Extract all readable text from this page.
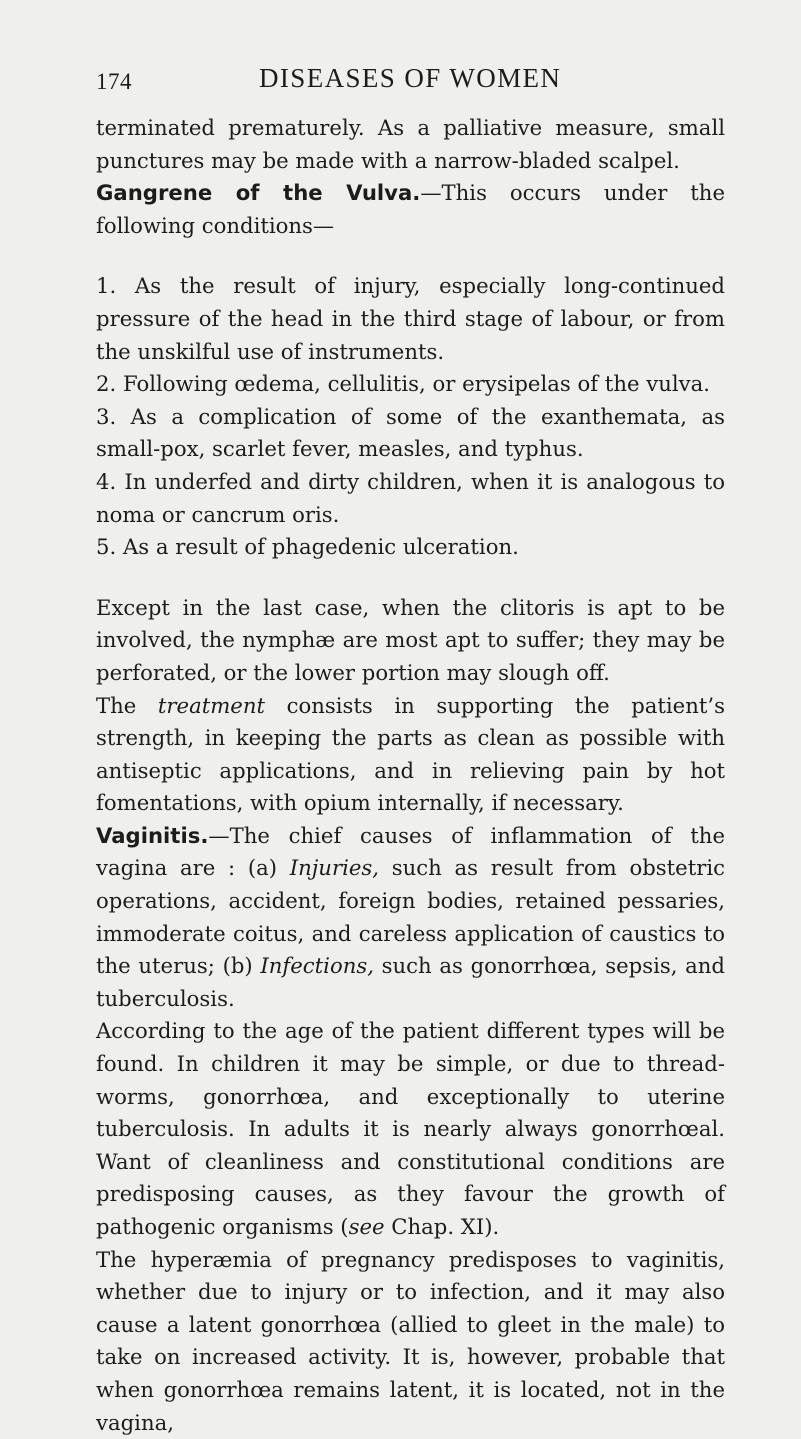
174	DISEASES OF WOMEN

terminated prematurely. As a palliative measure, small punctures may be made with a narrow-bladed scalpel.

Gangrene of the Vulva.—This occurs under the following conditions—

1. As the result of injury, especially long-continued pressure of the head in the third stage of labour, or from the unskilful use of instruments.

2. Following œdema, cellulitis, or erysipelas of the vulva.

3. As a complication of some of the exanthemata, as small-pox, scarlet fever, measles, and typhus.

4. In underfed and dirty children, when it is analogous to noma or cancrum oris.

5. As a result of phagedenic ulceration.

Except in the last case, when the clitoris is apt to be involved, the nymphæ are most apt to suffer; they may be perforated, or the lower portion may slough off.

The treatment consists in supporting the patient’s strength, in keeping the parts as clean as possible with antiseptic applications, and in relieving pain by hot fomentations, with opium internally, if necessary.

Vaginitis.—The chief causes of inflammation of the vagina are : (a) Injuries, such as result from obstetric operations, accident, foreign bodies, retained pessaries, immoderate coitus, and careless application of caustics to the uterus; (b) Infections, such as gonorrhœa, sepsis, and tuberculosis.

According to the age of the patient different types will be found. In children it may be simple, or due to thread-worms, gonorrhœa, and exceptionally to uterine tuberculosis. In adults it is nearly always gonorrhœal. Want of cleanliness and constitutional conditions are predisposing causes, as they favour the growth of pathogenic organisms (see Chap. XI).

The hyperæmia of pregnancy predisposes to vaginitis, whether due to injury or to infection, and it may also cause a latent gonorrhœa (allied to gleet in the male) to take on increased activity. It is, however, probable that when gonorrhœa remains latent, it is located, not in the vagina,
